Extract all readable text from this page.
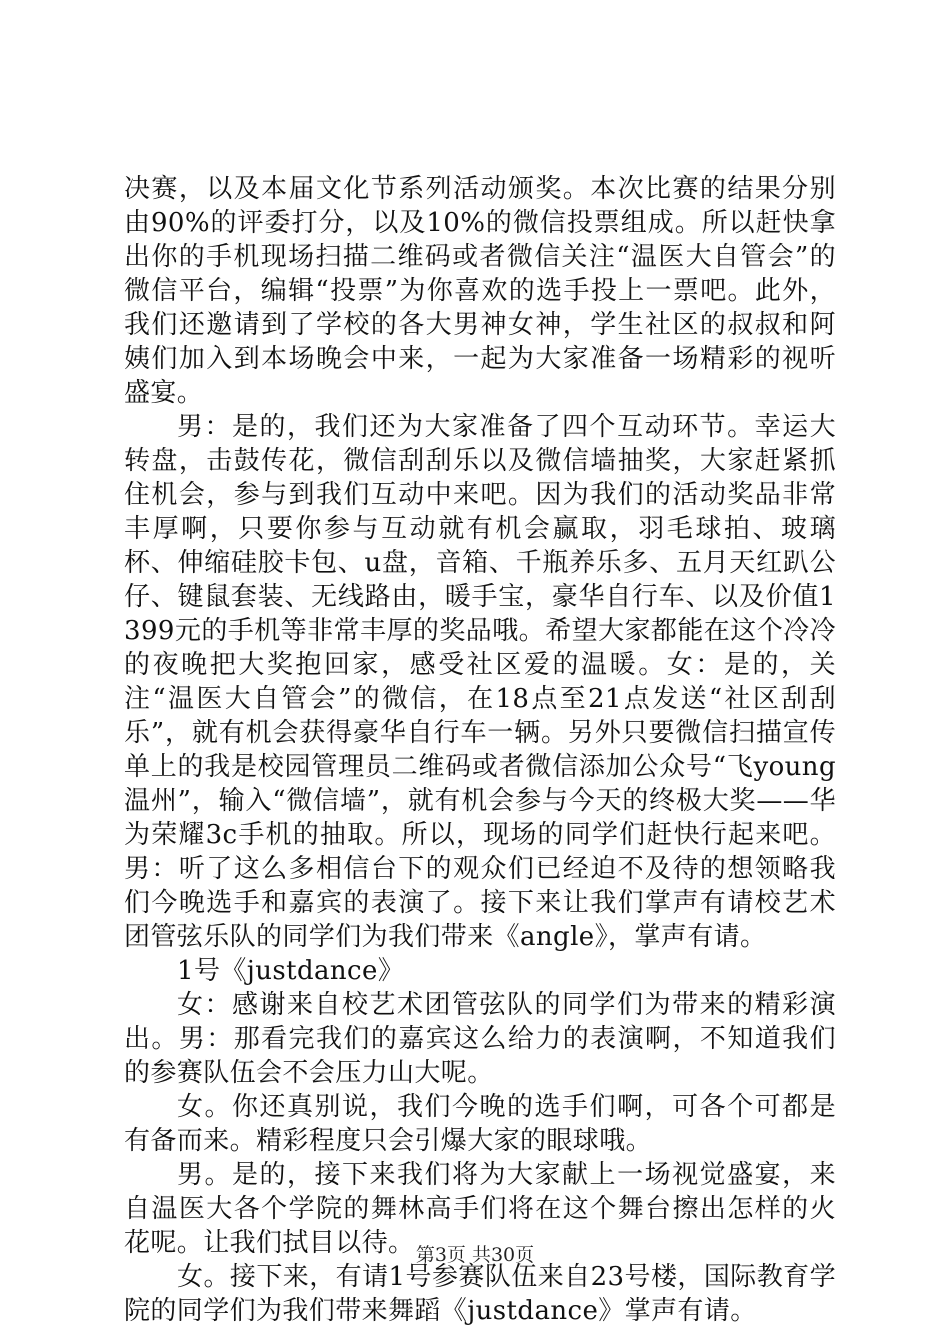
决赛，以及本届文化节系列活动颁奖。本次比赛的结果分别由90%的评委打分，以及10%的微信投票组成。所以赶快拿出你的手机现场扫描二维码或者微信关注“温医大自管会”的微信平台，编辑“投票”为你喜欢的选手投上一票吧。此外，我们还邀请到了学校的各大男神女神，学生社区的叔叔和阿姨们加入到本场晚会中来，一起为大家准备一场精彩的视听盛宴。

男：是的，我们还为大家准备了四个互动环节。幸运大转盘，击鼓传花，微信刮刮乐以及微信墙抽奖，大家赶紧抓住机会，参与到我们互动中来吧。因为我们的活动奖品非常丰厚啊，只要你参与互动就有机会赢取，羽毛球拍、玻璃杯、伸缩硅胶卡包、u盘，音箱、千瓶养乐多、五月天红趴公仔、键鼠套装、无线路由，暖手宝，豪华自行车、以及价值1399元的手机等非常丰厚的奖品哦。希望大家都能在这个冷冷的夜晚把大奖抱回家，感受社区爱的温暖。女：是的，关注“温医大自管会”的微信，在18点至21点发送“社区刮刮乐”，就有机会获得豪华自行车一辆。另外只要微信扫描宣传单上的我是校园管理员二维码或者微信添加公众号“飞young温州”，输入“微信墙”，就有机会参与今天的终极大奖——华为荣耀3c手机的抽取。所以，现场的同学们赶快行起来吧。男：听了这么多相信台下的观众们已经迫不及待的想领略我们今晚选手和嘉宾的表演了。接下来让我们掌声有请校艺术团管弦乐队的同学们为我们带来《angle》，掌声有请。

1号《justdance》

女：感谢来自校艺术团管弦队的同学们为带来的精彩演出。男：那看完我们的嘉宾这么给力的表演啊，不知道我们的参赛队伍会不会压力山大呢。

女。你还真别说，我们今晚的选手们啊，可各个可都是有备而来。精彩程度只会引爆大家的眼球哦。

男。是的，接下来我们将为大家献上一场视觉盛宴，来自温医大各个学院的舞林高手们将在这个舞台擦出怎样的火花呢。让我们拭目以待。

女。接下来，有请1号参赛队伍来自23号楼，国际教育学院的同学们为我们带来舞蹈《justdance》掌声有请。

第3页 共30页
